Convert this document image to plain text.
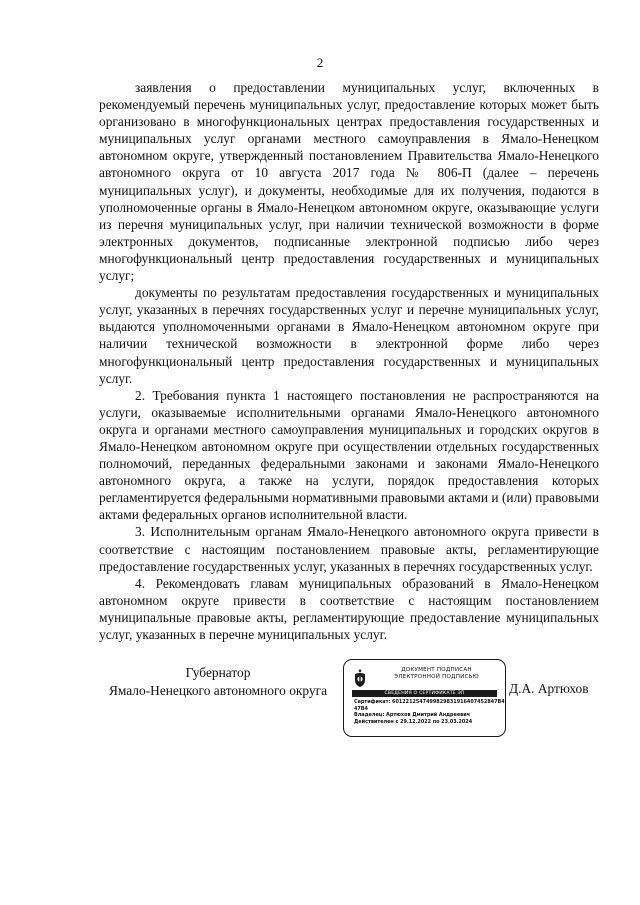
2

заявления о предоставлении муниципальных услуг, включенных в рекомендуемый перечень муниципальных услуг, предоставление которых может быть организовано в многофункциональных центрах предоставления государственных и муниципальных услуг органами местного самоуправления в Ямало-Ненецком автономном округе, утвержденный постановлением Правительства Ямало-Ненецкого автономного округа от 10 августа 2017 года № 806-П (далее – перечень муниципальных услуг), и документы, необходимые для их получения, подаются в уполномоченные органы в Ямало-Ненецком автономном округе, оказывающие услуги из перечня муниципальных услуг, при наличии технической возможности в форме электронных документов, подписанные электронной подписью либо через многофункциональный центр предоставления государственных и муниципальных услуг;

документы по результатам предоставления государственных и муниципальных услуг, указанных в перечнях государственных услуг и перечне муниципальных услуг, выдаются уполномоченными органами в Ямало-Ненецком автономном округе при наличии технической возможности в электронной форме либо через многофункциональный центр предоставления государственных и муниципальных услуг.

2. Требования пункта 1 настоящего постановления не распространяются на услуги, оказываемые исполнительными органами Ямало-Ненецкого автономного округа и органами местного самоуправления муниципальных и городских округов в Ямало-Ненецком автономном округе при осуществлении отдельных государственных полномочий, переданных федеральными законами и законами Ямало-Ненецкого автономного округа, а также на услуги, порядок предоставления которых регламентируется федеральными нормативными правовыми актами и (или) правовыми актами федеральных органов исполнительной власти.

3. Исполнительным органам Ямало-Ненецкого автономного округа привести в соответствие с настоящим постановлением правовые акты, регламентирующие предоставление государственных услуг, указанных в перечнях государственных услуг.

4. Рекомендовать главам муниципальных образований в Ямало-Ненецком автономном округе привести в соответствие с настоящим постановлением муниципальные правовые акты, регламентирующие предоставление муниципальных услуг, указанных в перечне муниципальных услуг.

Губернатор
Ямало-Ненецкого автономного округа
ДОКУМЕНТ ПОДПИСАН
ЭЛЕКТРОННОЙ ПОДПИСЬЮ
СВЕДЕНИЯ О СЕРТИФИКАТЕ ЭП
Сертификат: 6012212547499829831916407452847B4
47B4
Владелец: Артюхов Дмитрий Андреевич
Действителен с 29.12.2022 по 23.03.2024
Д.А. Артюхов
